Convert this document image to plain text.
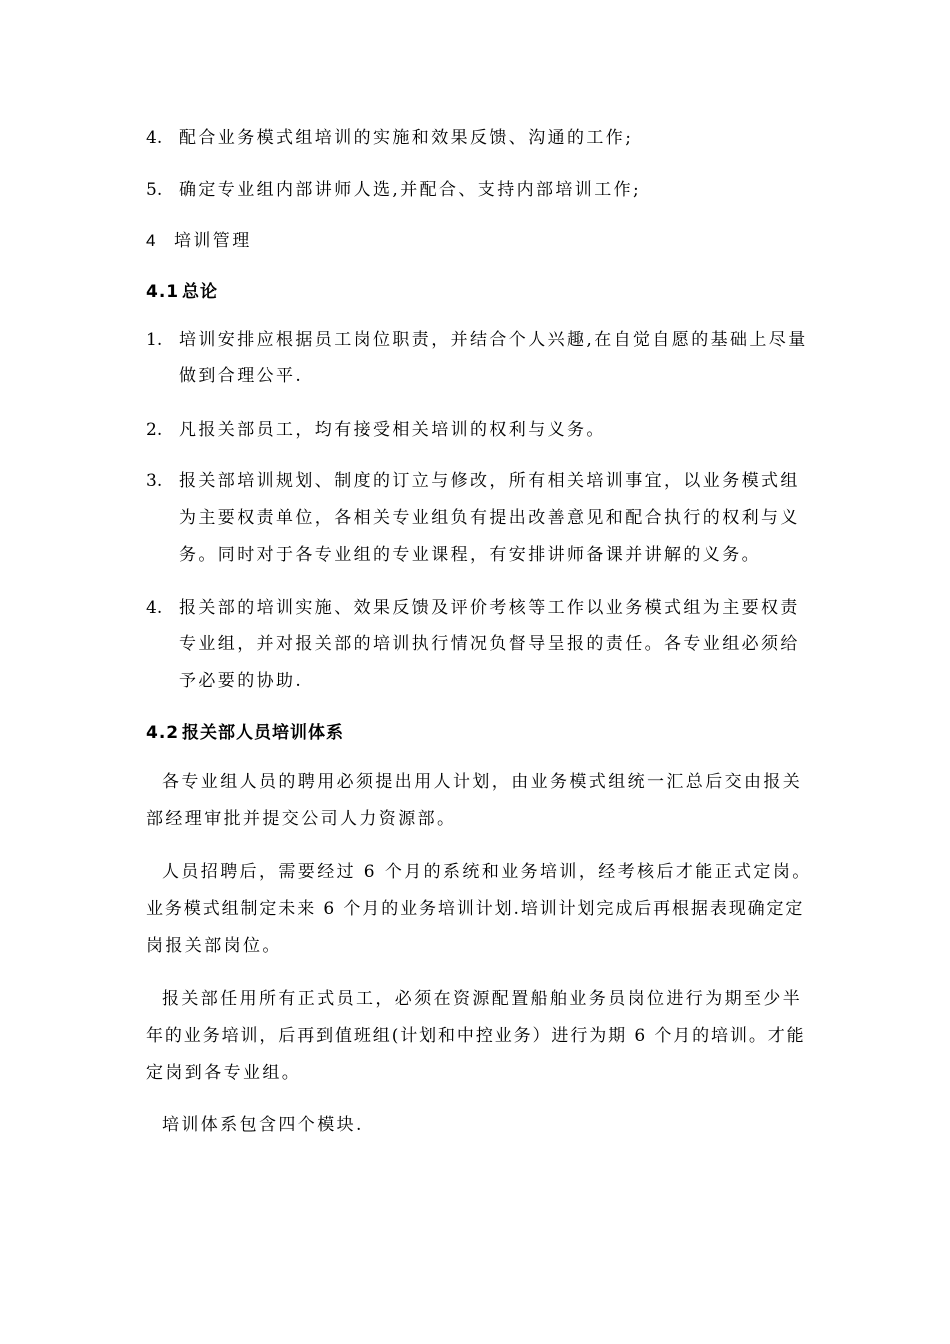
4. 配合业务模式组培训的实施和效果反馈、沟通的工作;
5. 确定专业组内部讲师人选,并配合、支持内部培训工作;
4 培训管理
4.1 总论
1. 培训安排应根据员工岗位职责，并结合个人兴趣,在自觉自愿的基础上尽量
做到合理公平.
2. 凡报关部员工，均有接受相关培训的权利与义务。
3. 报关部培训规划、制度的订立与修改，所有相关培训事宜，以业务模式组
为主要权责单位，各相关专业组负有提出改善意见和配合执行的权利与义
务。同时对于各专业组的专业课程，有安排讲师备课并讲解的义务。
4. 报关部的培训实施、效果反馈及评价考核等工作以业务模式组为主要权责
专业组，并对报关部的培训执行情况负督导呈报的责任。各专业组必须给
予必要的协助.
4.2 报关部人员培训体系
各专业组人员的聘用必须提出用人计划，由业务模式组统一汇总后交由报关
部经理审批并提交公司人力资源部。
人员招聘后，需要经过 6 个月的系统和业务培训，经考核后才能正式定岗。
业务模式组制定未来 6 个月的业务培训计划.培训计划完成后再根据表现确定定
岗报关部岗位。
报关部任用所有正式员工，必须在资源配置船舶业务员岗位进行为期至少半
年的业务培训，后再到值班组(计划和中控业务）进行为期 6 个月的培训。才能
定岗到各专业组。
培训体系包含四个模块.
